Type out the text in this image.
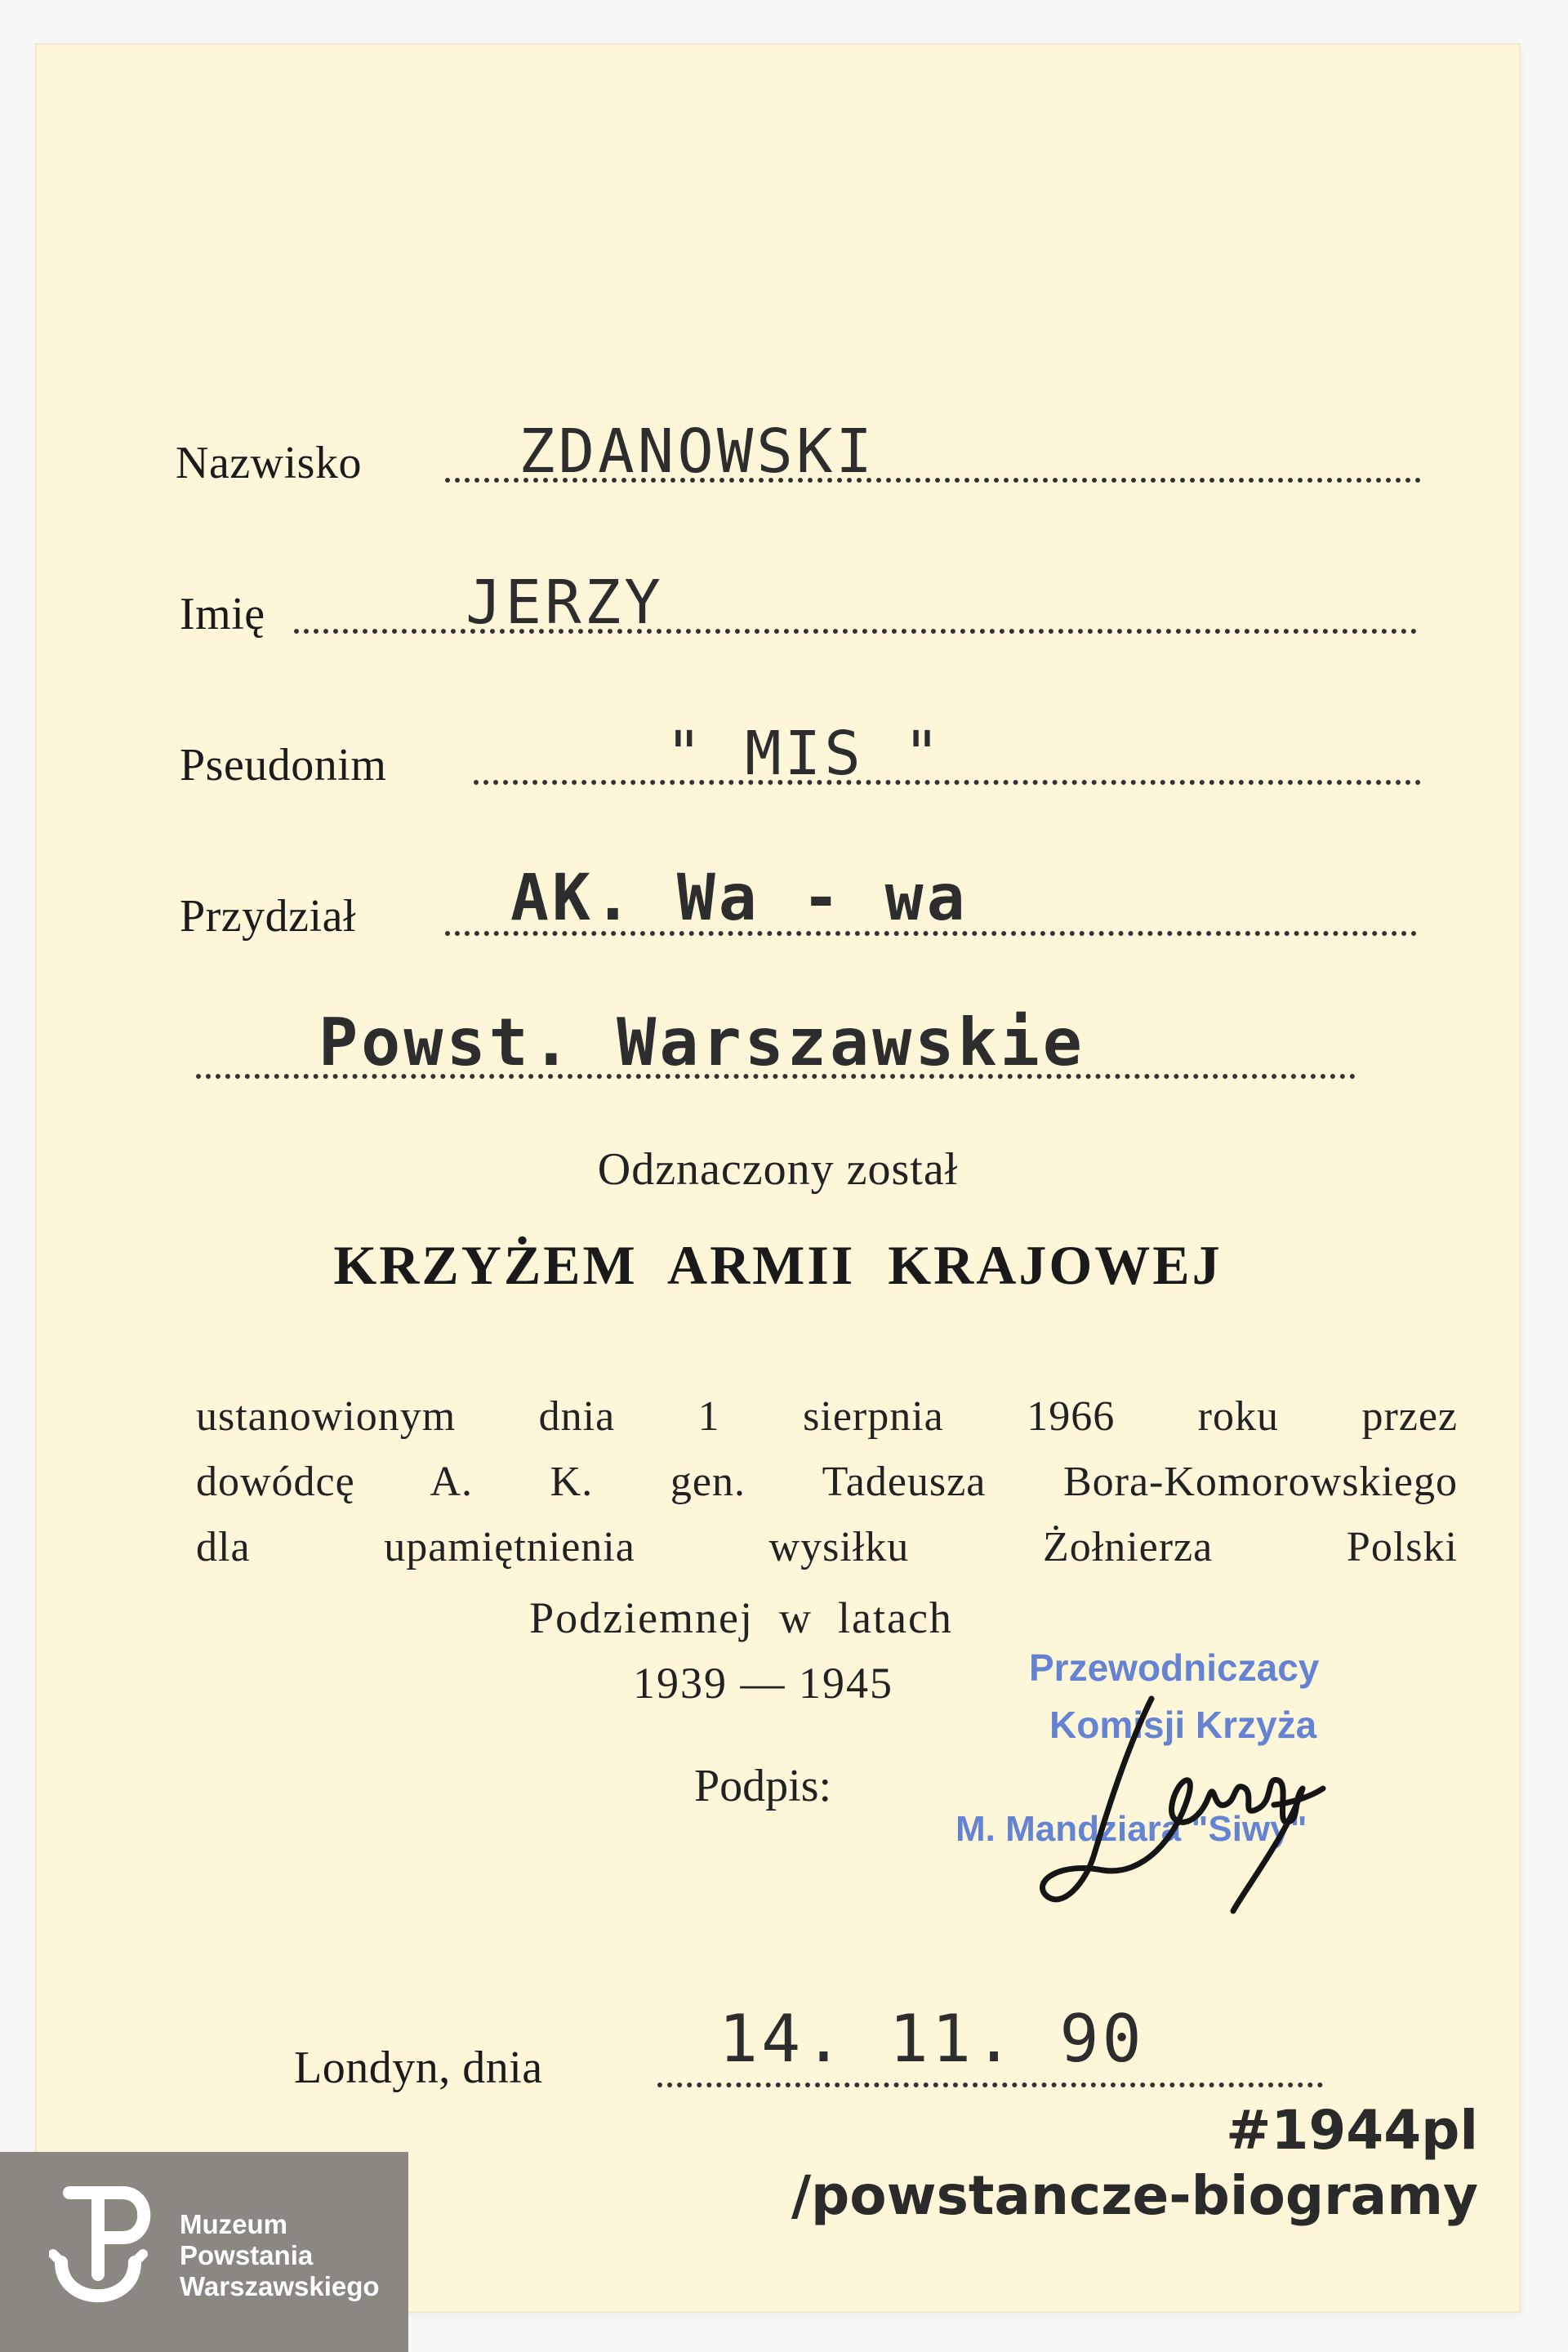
Nazwisko	ZDANOWSKI
Imię	JERZY
Pseudonim	" MIS "
Przydział AK. Wa - wa
Powst. Warszawskie
Odznaczony został
KRZYŻEM  ARMII  KRAJOWEJ
ustanowionym dnia 1 sierpnia 1966 roku przez
dowódcę A. K. gen. Tadeusza Bora-Komorowskiego
dla upamiętnienia wysiłku Żołnierza Polski
Podziemnej  w  latach
1939 — 1945
Podpis:
Przewodniczacy
Komisji Krzyża
M. Mandziara "Siwy"
Londyn, dnia	14. 11. 90
Muzeum
Powstania
Warszawskiego
#1944pl
/powstancze-biogramy
